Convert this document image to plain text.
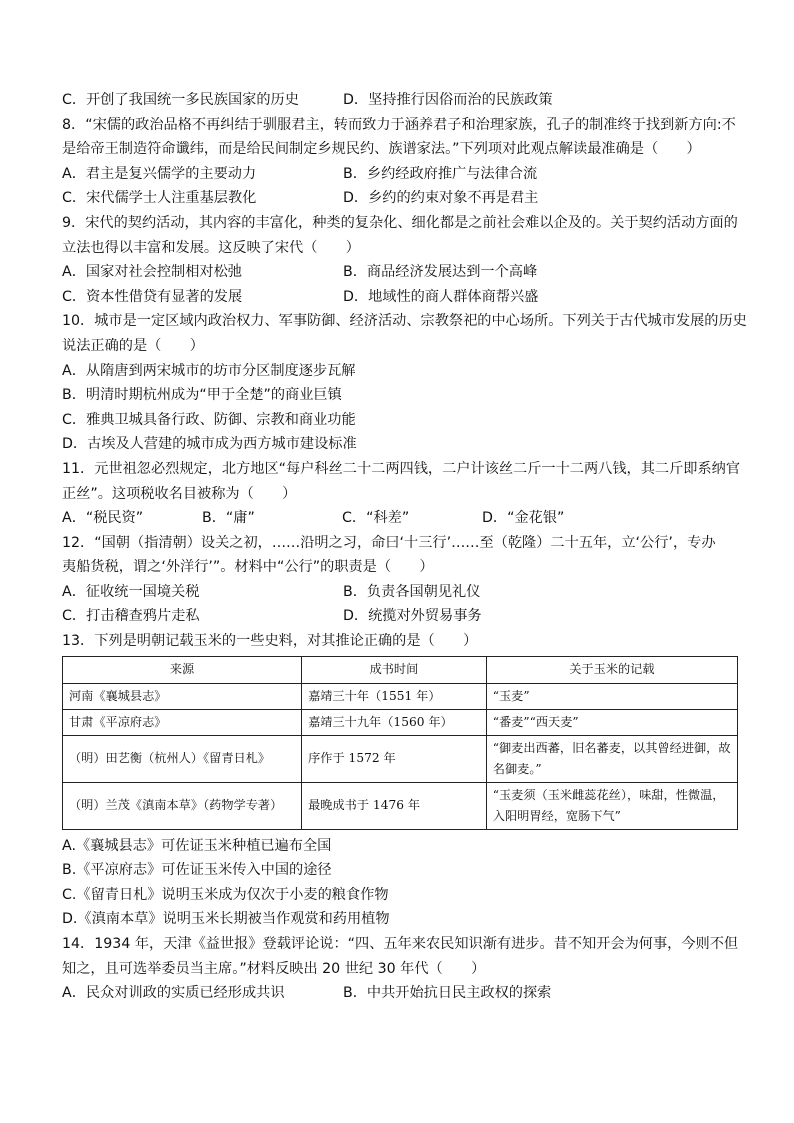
C．开创了我国统一多民族国家的历史	D．坚持推行因俗而治的民族政策
8．“宋儒的政治品格不再纠结于驯服君主，转而致力于涵养君子和治理家族，孔子的制准终于找到新方向:不
是给帝王制造符命谶纬，而是给民间制定乡规民约、族谱家法。”下列项对此观点解读最准确是（　　）
A．君主是复兴儒学的主要动力	B．乡约经政府推广与法律合流
C．宋代儒学士人注重基层教化	D．乡约的约束对象不再是君主
9．宋代的契约活动，其内容的丰富化，种类的复杂化、细化都是之前社会难以企及的。关于契约活动方面的
立法也得以丰富和发展。这反映了宋代（　　）
A．国家对社会控制相对松弛	B．商品经济发展达到一个高峰
C．资本性借贷有显著的发展	D．地域性的商人群体商帮兴盛
10．城市是一定区域内政治权力、军事防御、经济活动、宗教祭祀的中心场所。下列关于古代城市发展的历史
说法正确的是（　　）
A．从隋唐到两宋城市的坊市分区制度逐步瓦解
B．明清时期杭州成为“甲于全楚”的商业巨镇
C．雅典卫城具备行政、防御、宗教和商业功能
D．古埃及人营建的城市成为西方城市建设标准
11．元世祖忽必烈规定，北方地区“每户科丝二十二两四钱，二户计该丝二斤一十二两八钱，其二斤即系纳官
正丝”。这项税收名目被称为（　　）
A．“税民资”	B．“庸”	C．“科差”	D．“金花银”
12．“国朝（指清朝）设关之初，……沿明之习，命曰‘十三行’……至（乾隆）二十五年，立‘公行’，专办
夷船货税，谓之‘外洋行’”。材料中“公行”的职责是（　　）
A．征收统一国境关税	B．负责各国朝见礼仪
C．打击稽查鸦片走私	D．统揽对外贸易事务
13．下列是明朝记载玉米的一些史料，对其推论正确的是（　　）
来源	成书时间	关于玉米的记载
河南《襄城县志》	嘉靖三十年（1551 年）	“玉麦”
甘肃《平凉府志》	嘉靖三十九年（1560 年）	“番麦”“西天麦”
（明）田艺衡（杭州人）《留青日札》	序作于 1572 年	“御麦出西蕃，旧名蕃麦，以其曾经进御，故名御麦。”
（明）兰茂《滇南本草》（药物学专著）	最晚成书于 1476 年	“玉麦须（玉米雌蕊花丝），味甜，性微温，入阳明胃经，宽肠下气”
A.《襄城县志》可佐证玉米种植已遍布全国
B.《平凉府志》可佐证玉米传入中国的途径
C.《留青日札》说明玉米成为仅次于小麦的粮食作物
D.《滇南本草》说明玉米长期被当作观赏和药用植物
14．1934 年，天津《益世报》登载评论说：“四、五年来农民知识渐有进步。昔不知开会为何事，今则不但
知之，且可选举委员当主席。”材料反映出 20 世纪 30 年代（　　）
A．民众对训政的实质已经形成共识	B．中共开始抗日民主政权的探索
